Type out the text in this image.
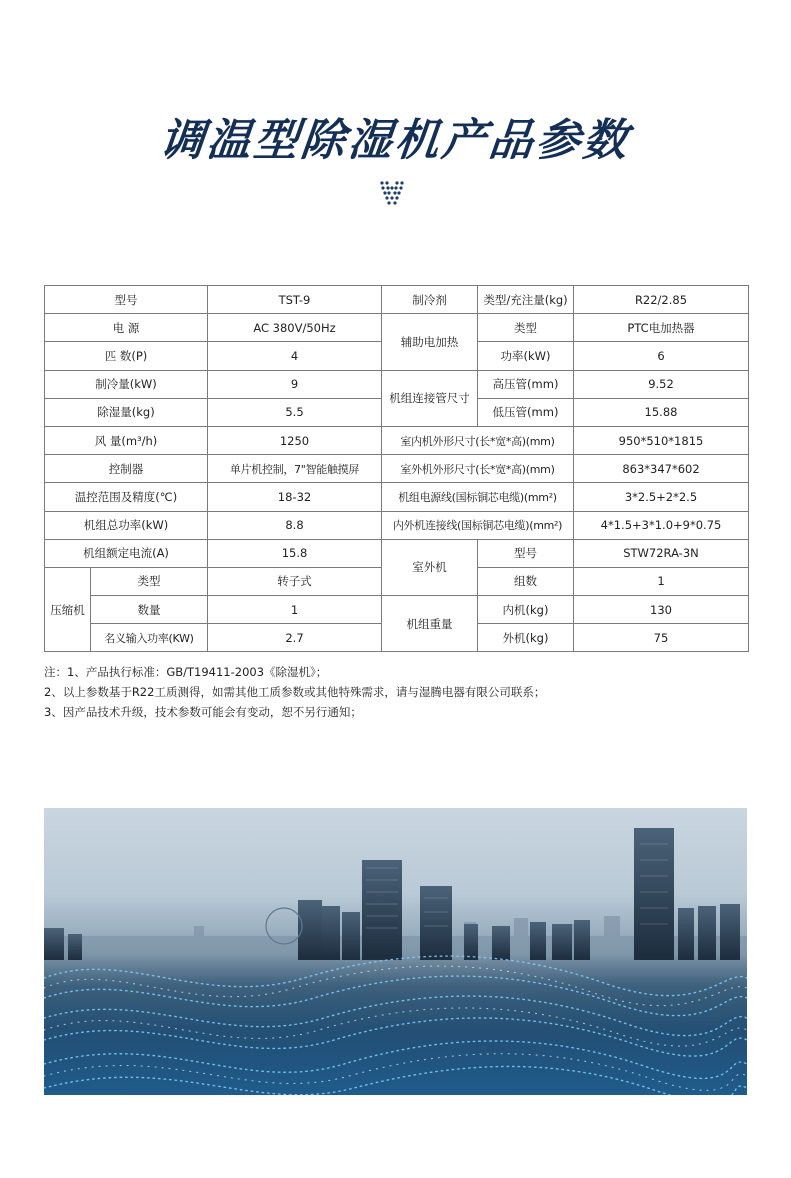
调温型除湿机产品参数
型号		TST-9	制冷剂	类型/充注量(kg)	R22/2.85
电 源		AC 380V/50Hz	辅助电加热	类型	PTC电加热器
匹 数(P)		4		功率(kW)	6
制冷量(kW)		9	机组连接管尺寸	高压管(mm)	9.52
除湿量(kg)		5.5		低压管(mm)	15.88
风 量(m³/h)		1250	室内机外形尺寸(长*宽*高)(mm)		950*510*1815
控制器		单片机控制，7"智能触摸屏	室外机外形尺寸(长*宽*高)(mm)		863*347*602
温控范围及精度(℃)		18-32	机组电源线(国标铜芯电缆)(mm²)		3*2.5+2*2.5
机组总功率(kW)		8.8	内外机连接线(国标铜芯电缆)(mm²)		4*1.5+3*1.0+9*0.75
机组额定电流(A)		15.8	室外机	型号	STW72RA-3N
压缩机	类型	转子式		组数	1
	数量	1	机组重量	内机(kg)	130
	名义输入功率(KW)	2.7		外机(kg)	75

注：1、产品执行标准：GB/T19411-2003《除湿机》；

2、以上参数基于R22工质测得，如需其他工质参数或其他特殊需求，请与湿腾电器有限公司联系；

3、因产品技术升级，技术参数可能会有变动，恕不另行通知；
